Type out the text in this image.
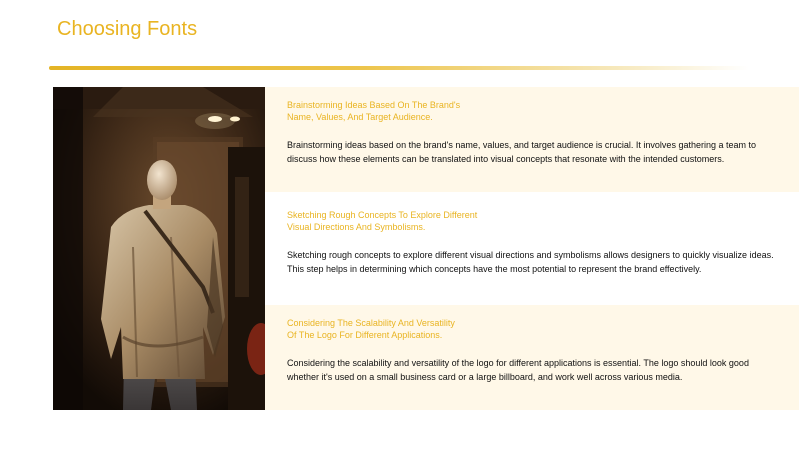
Choosing Fonts

Brainstorming Ideas Based On The Brand's
Name, Values, And Target Audience.

Brainstorming ideas based on the brand's name, values, and target audience is crucial. It involves gathering a team to discuss how these elements can be translated into visual concepts that resonate with the intended customers.

Sketching Rough Concepts To Explore Different
Visual Directions And Symbolisms.

Sketching rough concepts to explore different visual directions and symbolisms allows designers to quickly visualize ideas. This step helps in determining which concepts have the most potential to represent the brand effectively.

Considering The Scalability And Versatility
Of The Logo For Different Applications.

Considering the scalability and versatility of the logo for different applications is essential. The logo should look good whether it's used on a small business card or a large billboard, and work well across various media.
